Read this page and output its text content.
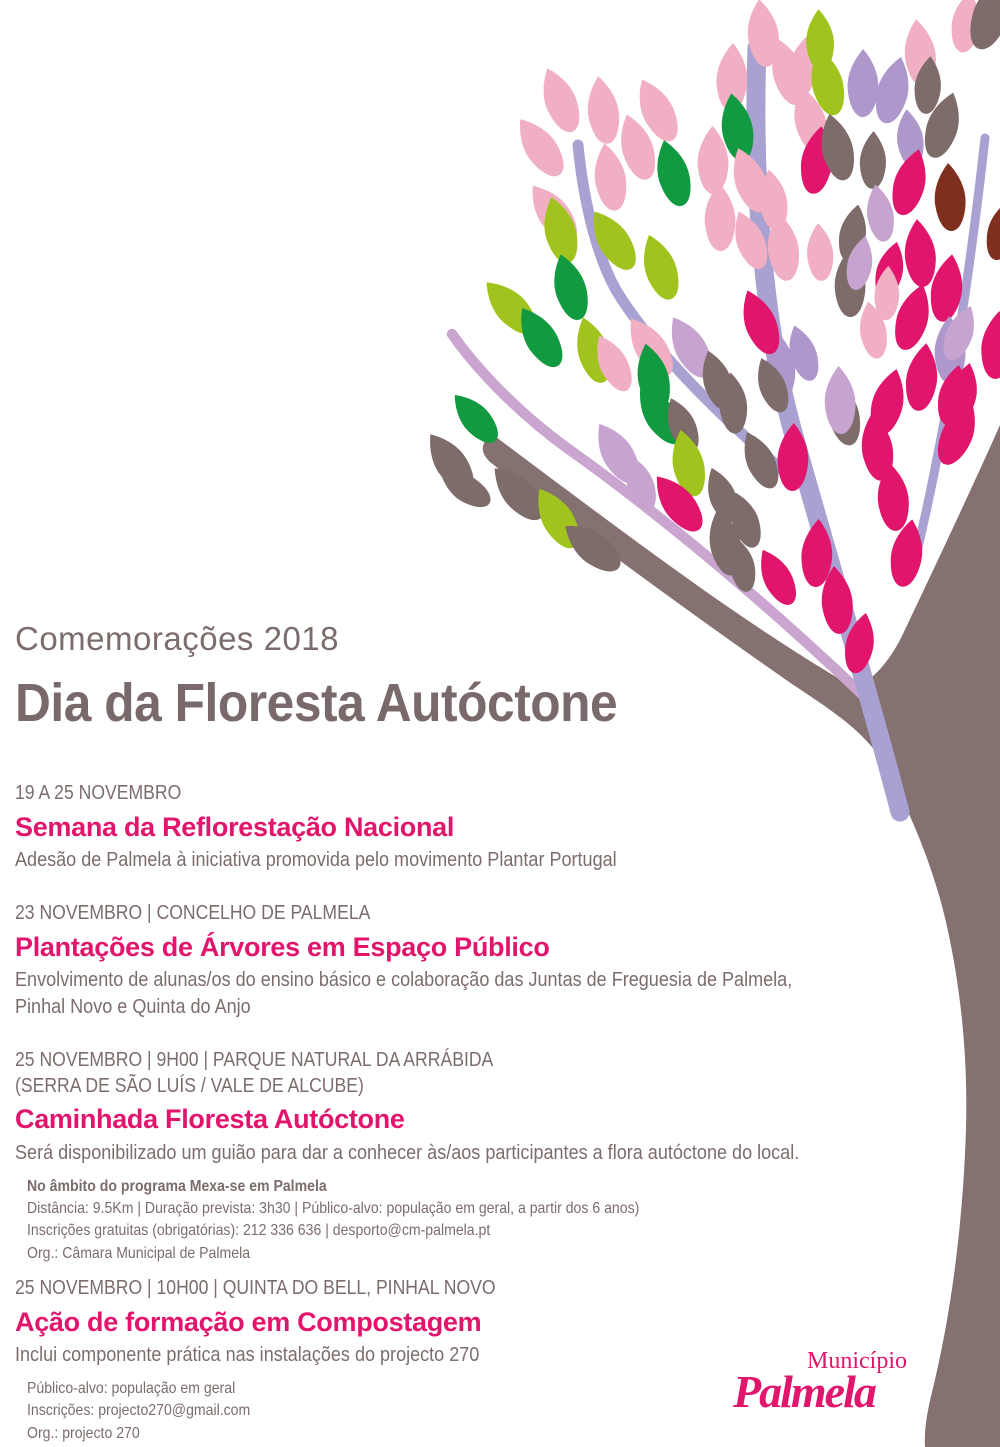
Comemorações 2018
Dia da Floresta Autóctone
19 A 25 NOVEMBRO
Semana da Reflorestação Nacional
Adesão de Palmela à iniciativa promovida pelo movimento Plantar Portugal
23 NOVEMBRO | CONCELHO DE PALMELA
Plantações de Árvores em Espaço Público
Envolvimento de alunas/os do ensino básico e colaboração das Juntas de Freguesia de Palmela,
Pinhal Novo e Quinta do Anjo
25 NOVEMBRO | 9H00 | PARQUE NATURAL DA ARRÁBIDA
(SERRA DE SÃO LUÍS / VALE DE ALCUBE)
Caminhada Floresta Autóctone
Será disponibilizado um guião para dar a conhecer às/aos participantes a flora autóctone do local.
No âmbito do programa Mexa-se em Palmela
Distância: 9.5Km | Duração prevista: 3h30 | Público-alvo: população em geral, a partir dos 6 anos)
Inscrições gratuitas (obrigatórias): 212 336 636 | desporto@cm-palmela.pt
Org.: Câmara Municipal de Palmela
25 NOVEMBRO | 10H00 | QUINTA DO BELL, PINHAL NOVO
Ação de formação em Compostagem
Inclui componente prática nas instalações do projecto 270
Público-alvo: população em geral
Inscrições: projecto270@gmail.com
Org.: projecto 270
Município
Palmela
